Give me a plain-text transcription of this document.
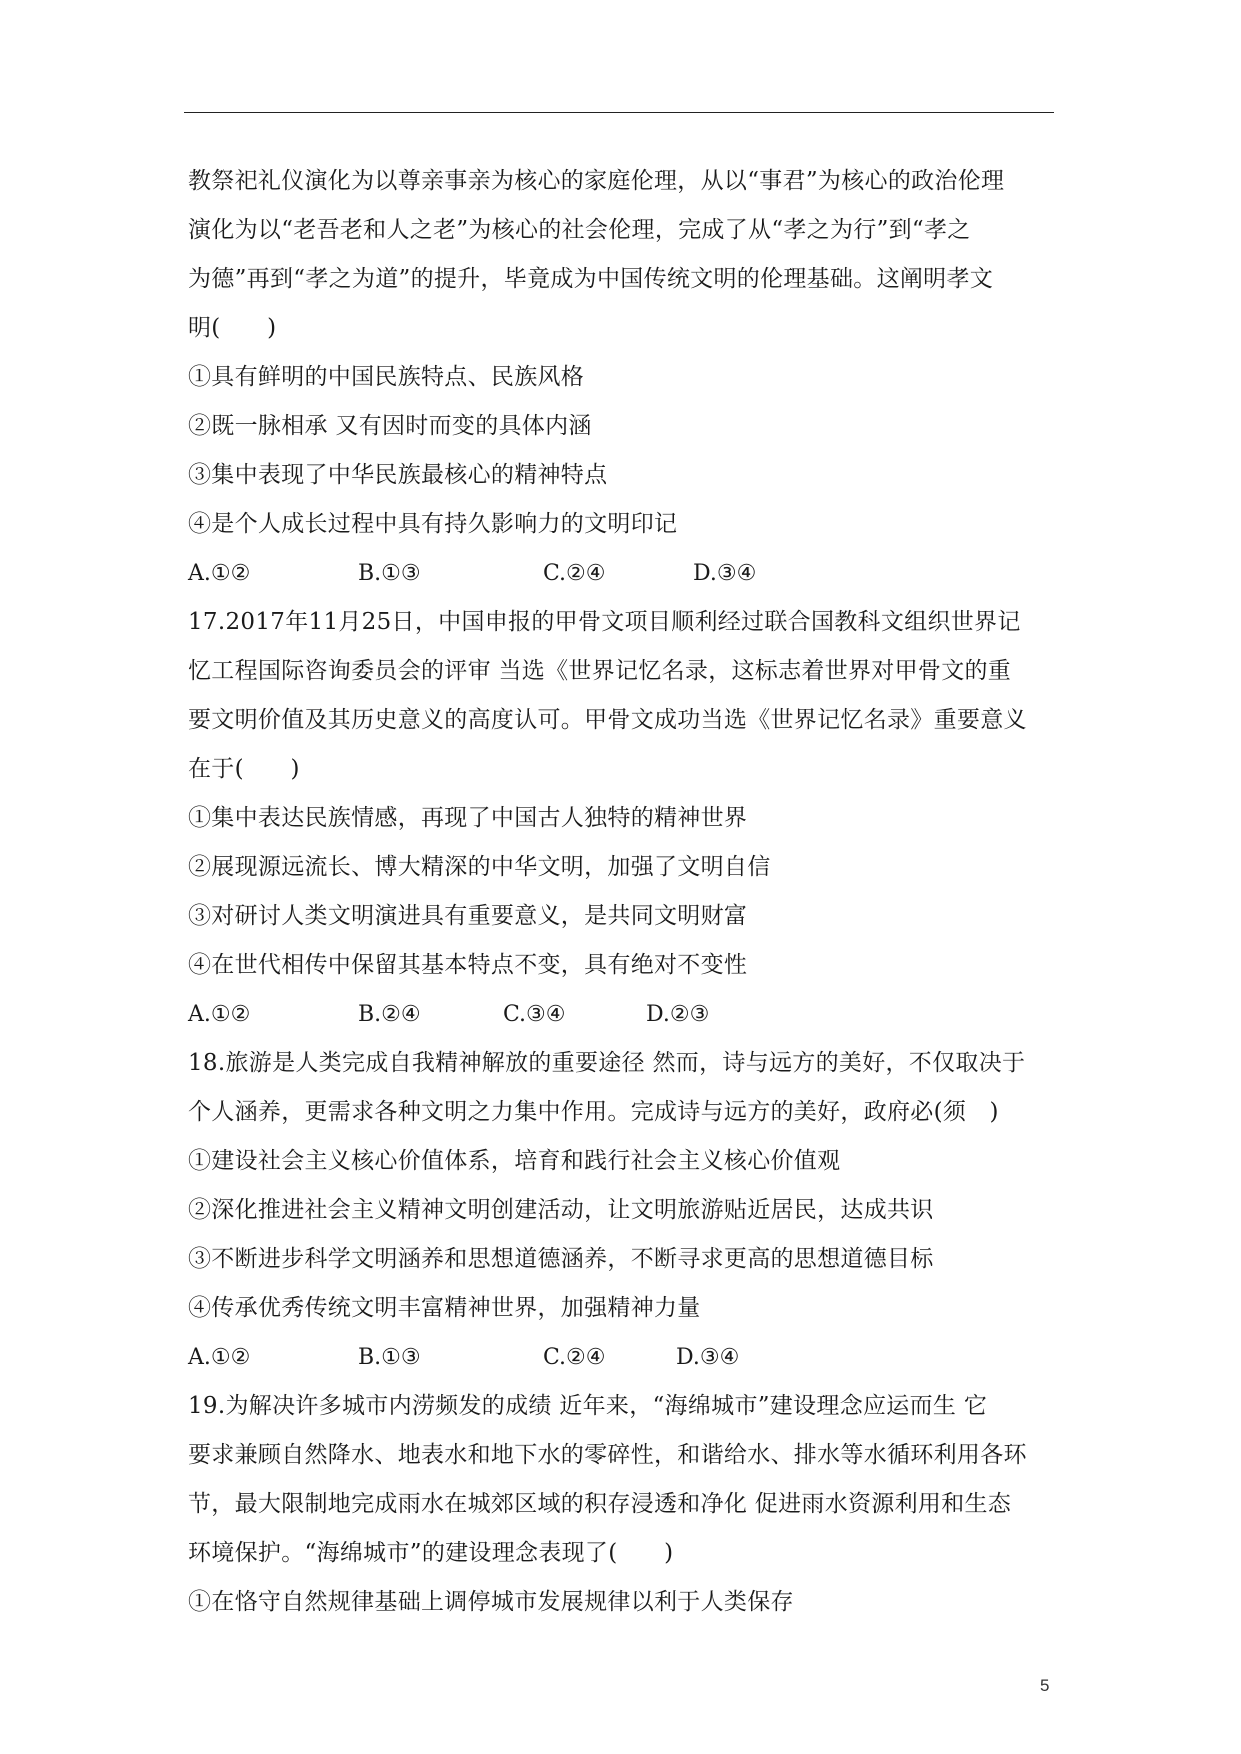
教祭祀礼仪演化为以尊亲事亲为核心的家庭伦理，从以“事君”为核心的政治伦理
演化为以“老吾老和人之老”为核心的社会伦理，完成了从“孝之为行”到“孝之
为德”再到“孝之为道”的提升，毕竟成为中国传统文明的伦理基础。这阐明孝文
明(　　)
①具有鲜明的中国民族特点、民族风格
②既一脉相承 又有因时而变的具体内涵
③集中表现了中华民族最核心的精神特点
④是个人成长过程中具有持久影响力的文明印记
A.①②	B.①③	C.②④	D.③④
17.2017年11月25日，中国申报的甲骨文项目顺利经过联合国教科文组织世界记
忆工程国际咨询委员会的评审 当选《世界记忆名录，这标志着世界对甲骨文的重
要文明价值及其历史意义的高度认可。甲骨文成功当选《世界记忆名录》重要意义
在于(　　)
①集中表达民族情感，再现了中国古人独特的精神世界
②展现源远流长、博大精深的中华文明，加强了文明自信
③对研讨人类文明演进具有重要意义，是共同文明财富
④在世代相传中保留其基本特点不变，具有绝对不变性
A.①②	B.②④	C.③④	D.②③
18.旅游是人类完成自我精神解放的重要途径 然而，诗与远方的美好，不仅取决于
个人涵养，更需求各种文明之力集中作用。完成诗与远方的美好，政府必(须　)
①建设社会主义核心价值体系，培育和践行社会主义核心价值观
②深化推进社会主义精神文明创建活动，让文明旅游贴近居民，达成共识
③不断进步科学文明涵养和思想道德涵养，不断寻求更高的思想道德目标
④传承优秀传统文明丰富精神世界，加强精神力量
A.①②	B.①③	C.②④	D.③④
19.为解决许多城市内涝频发的成绩 近年来，“海绵城市”建设理念应运而生 它
要求兼顾自然降水、地表水和地下水的零碎性，和谐给水、排水等水循环利用各环
节，最大限制地完成雨水在城郊区域的积存浸透和净化 促进雨水资源利用和生态
环境保护。“海绵城市”的建设理念表现了(　　)
①在恪守自然规律基础上调停城市发展规律以利于人类保存
5
